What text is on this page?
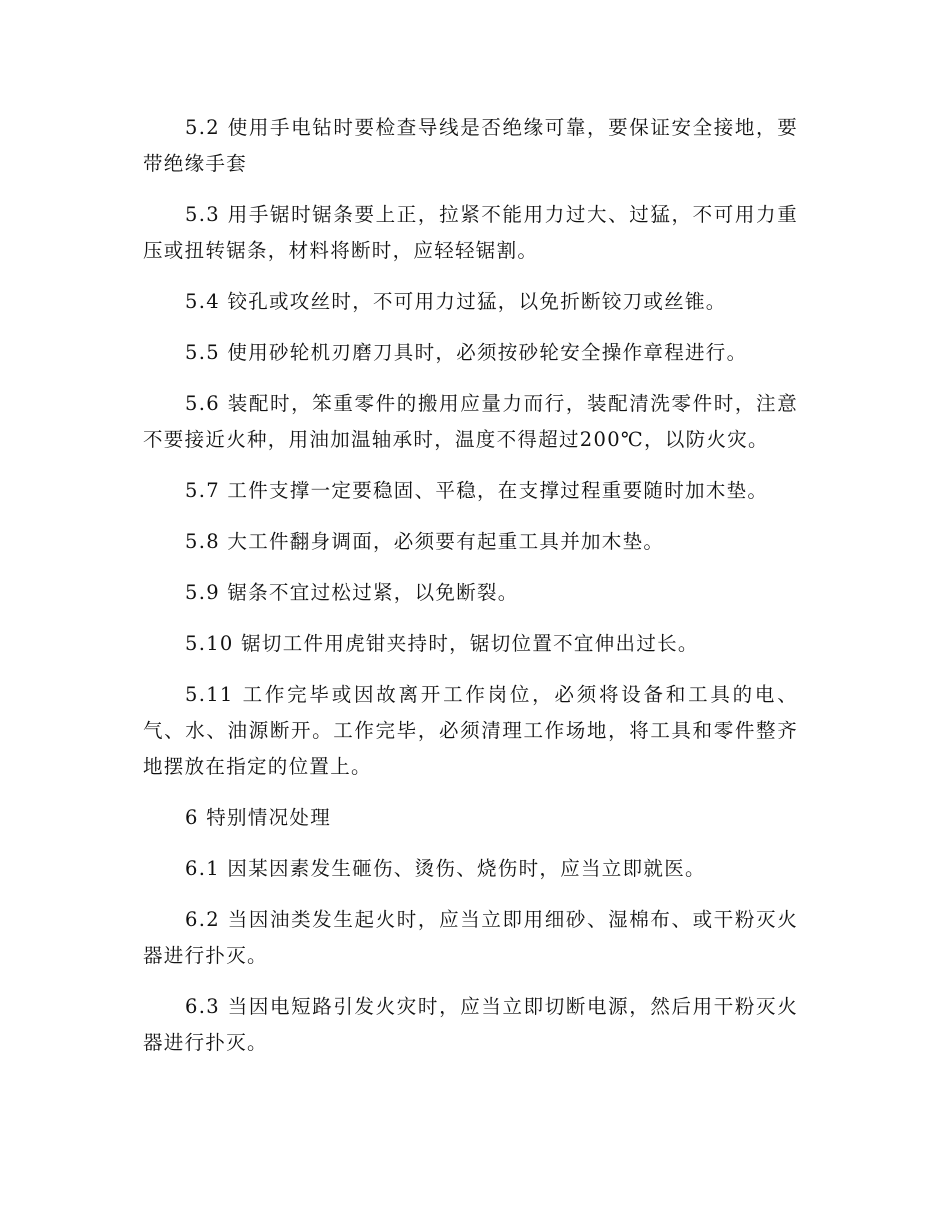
5.2 使用手电钻时要检查导线是否绝缘可靠，要保证安全接地，要带绝缘手套

5.3 用手锯时锯条要上正，拉紧不能用力过大、过猛，不可用力重压或扭转锯条，材料将断时，应轻轻锯割。

5.4 铰孔或攻丝时，不可用力过猛，以免折断铰刀或丝锥。

5.5 使用砂轮机刃磨刀具时，必须按砂轮安全操作章程进行。

5.6 装配时，笨重零件的搬用应量力而行，装配清洗零件时，注意不要接近火种，用油加温轴承时，温度不得超过200℃，以防火灾。

5.7 工件支撑一定要稳固、平稳，在支撑过程重要随时加木垫。

5.8 大工件翻身调面，必须要有起重工具并加木垫。

5.9 锯条不宜过松过紧，以免断裂。

5.10 锯切工件用虎钳夹持时，锯切位置不宜伸出过长。

5.11 工作完毕或因故离开工作岗位，必须将设备和工具的电、气、水、油源断开。工作完毕，必须清理工作场地，将工具和零件整齐地摆放在指定的位置上。

6 特别情况处理

6.1 因某因素发生砸伤、烫伤、烧伤时，应当立即就医。

6.2 当因油类发生起火时，应当立即用细砂、湿棉布、或干粉灭火器进行扑灭。

6.3 当因电短路引发火灾时，应当立即切断电源，然后用干粉灭火器进行扑灭。
